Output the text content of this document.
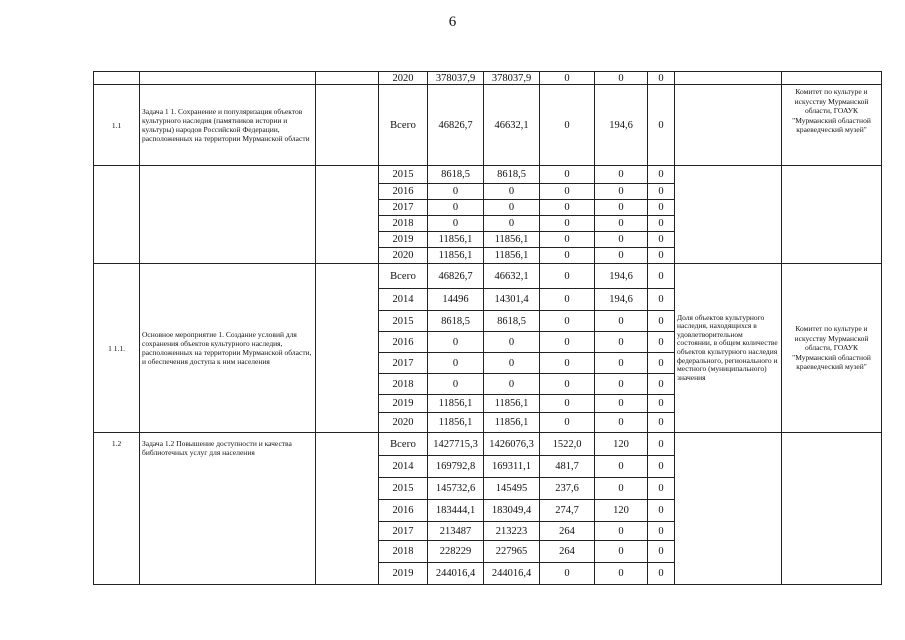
6
			2020	378037,9	378037,9	0	0	0		
1.1	Задача 1 1. Сохранение и популяризация объектов культурного наследия (памятников истории и культуры) народов Российской Федерации, расположенных на территории Мурманской области		Всего	46826,7	46632,1	0	194,6	0		Комитет по культуре и искусству Мурманской области, ГОАУК "Мурманский областной краеведческий музей"
			2015	8618,5	8618,5	0	0	0		
			2016	0	0	0	0	0		
			2017	0	0	0	0	0		
			2018	0	0	0	0	0		
			2019	11856,1	11856,1	0	0	0		
			2020	11856,1	11856,1	0	0	0		
1 1.1.	Основное мероприятие 1. Создание условий для сохранения объектов культурного наследия, расположенных на территории Мурманской области, и обеспечения доступа к ним населения		Всего	46826,7	46632,1	0	194,6	0	Доля объектов культурного наследия, находящихся в удовлетворительном состоянии, в общем количестве объектов культурного наследия федерального, регионального и местного (муниципального) значения	Комитет по культуре и искусству Мурманской области, ГОАУК "Мурманский областной краеведческий музей"
			2014	14496	14301,4	0	194,6	0		
			2015	8618,5	8618,5	0	0	0		
			2016	0	0	0	0	0		
			2017	0	0	0	0	0		
			2018	0	0	0	0	0		
			2019	11856,1	11856,1	0	0	0		
			2020	11856,1	11856,1	0	0	0		
1.2	Задача 1.2 Повышение доступности и качества библиотечных услуг для населения		Всего	1427715,3	1426076,3	1522,0	120	0		
			2014	169792,8	169311,1	481,7	0	0		
			2015	145732,6	145495	237,6	0	0		
			2016	183444,1	183049,4	274,7	120	0		
			2017	213487	213223	264	0	0		
			2018	228229	227965	264	0	0		
			2019	244016,4	244016,4	0	0	0		
